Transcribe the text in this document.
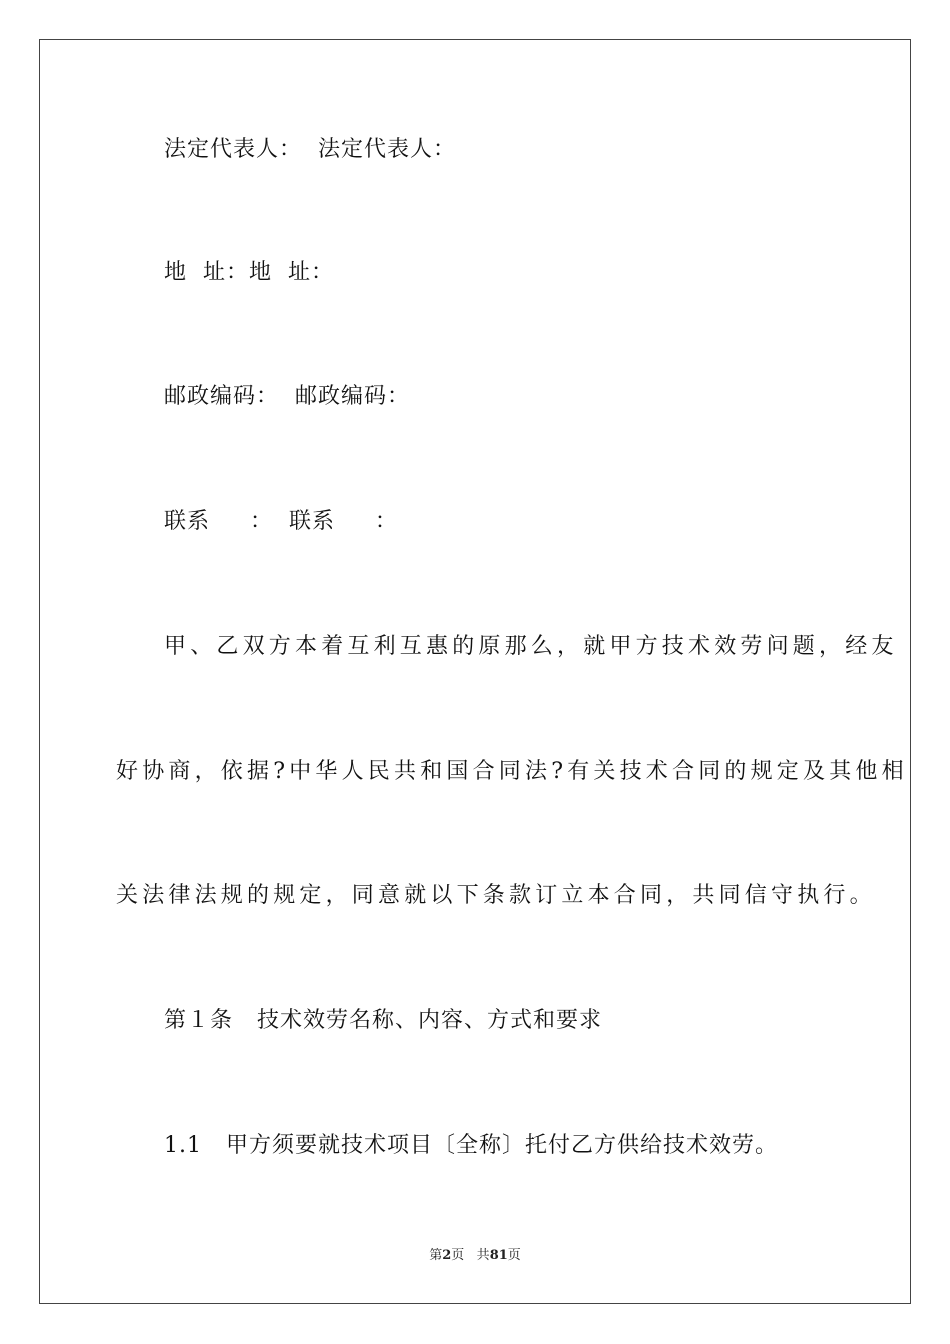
法定代表人：  法定代表人：

地  址：地  址：

邮政编码：  邮政编码：

联系     ：  联系     ：

甲、乙双方本着互利互惠的原那么，就甲方技术效劳问题，经友

好协商，依据?中华人民共和国合同法?有关技术合同的规定及其他相

关法律法规的规定，同意就以下条款订立本合同，共同信守执行。

第１条   技术效劳名称、内容、方式和要求

1.1   甲方须要就技术项目〔全称〕托付乙方供给技术效劳。

第2页 共81页
